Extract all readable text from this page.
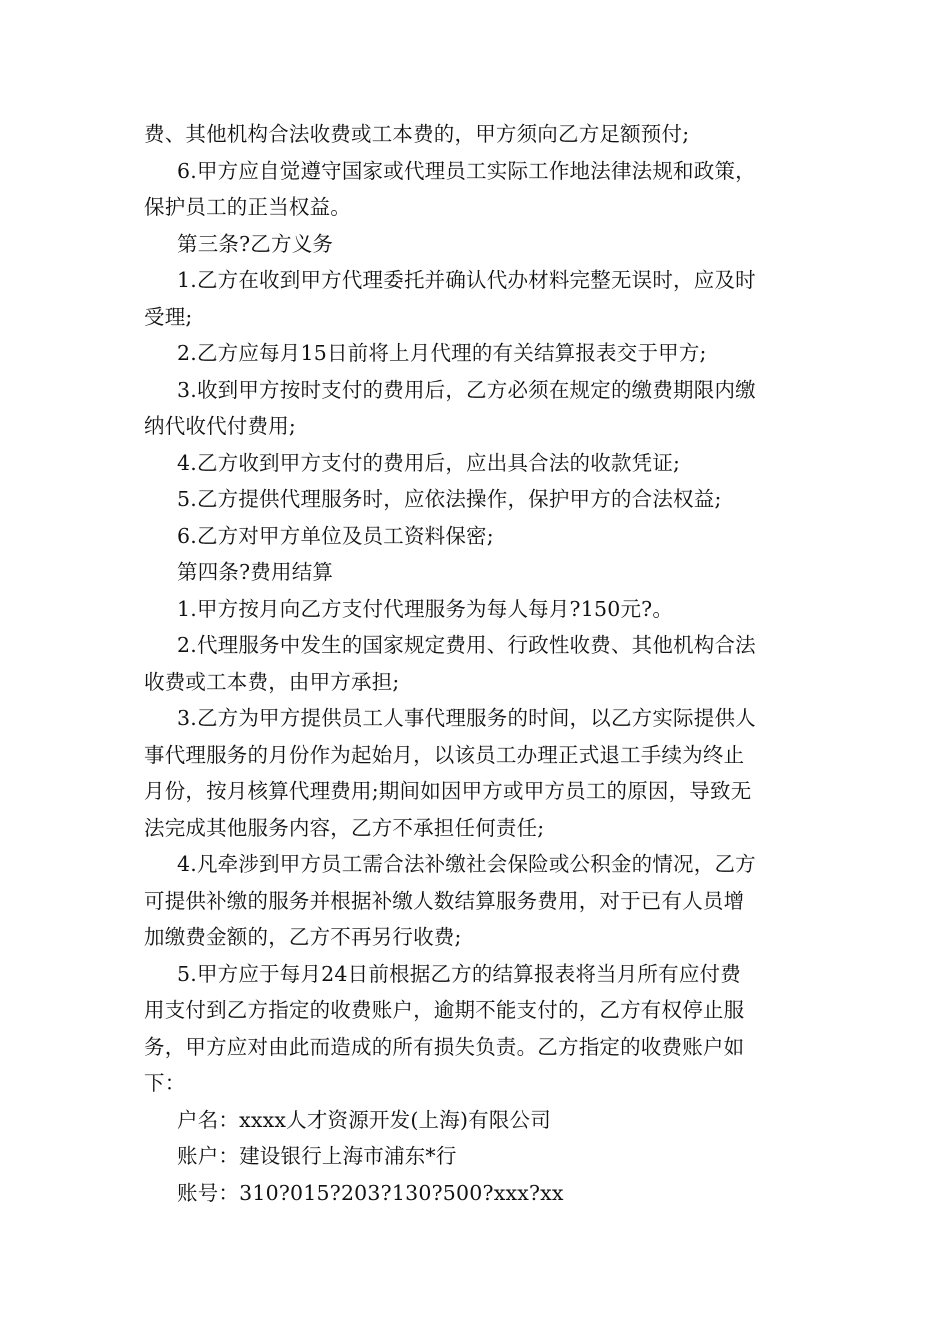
费、其他机构合法收费或工本费的，甲方须向乙方足额预付;
6.甲方应自觉遵守国家或代理员工实际工作地法律法规和政策，
保护员工的正当权益。
第三条?乙方义务
1.乙方在收到甲方代理委托并确认代办材料完整无误时，应及时
受理;
2.乙方应每月15日前将上月代理的有关结算报表交于甲方;
3.收到甲方按时支付的费用后，乙方必须在规定的缴费期限内缴
纳代收代付费用;
4.乙方收到甲方支付的费用后，应出具合法的收款凭证;
5.乙方提供代理服务时，应依法操作，保护甲方的合法权益;
6.乙方对甲方单位及员工资料保密;
第四条?费用结算
1.甲方按月向乙方支付代理服务为每人每月?150元?。
2.代理服务中发生的国家规定费用、行政性收费、其他机构合法
收费或工本费，由甲方承担;
3.乙方为甲方提供员工人事代理服务的时间，以乙方实际提供人
事代理服务的月份作为起始月，以该员工办理正式退工手续为终止
月份，按月核算代理费用;期间如因甲方或甲方员工的原因，导致无
法完成其他服务内容，乙方不承担任何责任;
4.凡牵涉到甲方员工需合法补缴社会保险或公积金的情况，乙方
可提供补缴的服务并根据补缴人数结算服务费用，对于已有人员增
加缴费金额的，乙方不再另行收费;
5.甲方应于每月24日前根据乙方的结算报表将当月所有应付费
用支付到乙方指定的收费账户，逾期不能支付的，乙方有权停止服
务，甲方应对由此而造成的所有损失负责。乙方指定的收费账户如
下：
户名：xxxx人才资源开发(上海)有限公司
账户：建设银行上海市浦东*行
账号：310?015?203?130?500?xxx?xx
